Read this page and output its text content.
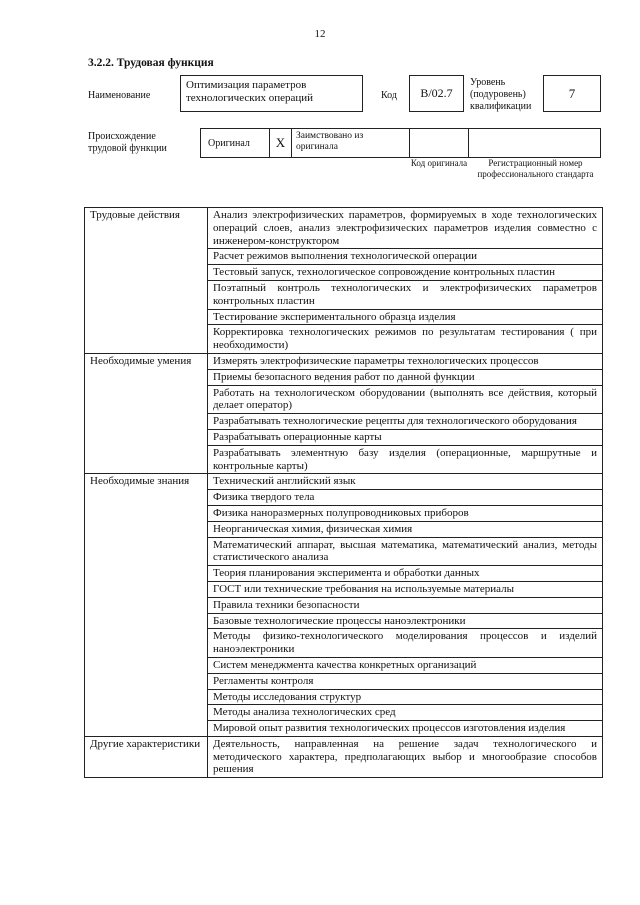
12
3.2.2. Трудовая функция
Наименование
Оптимизация параметров технологических операций	Код	B/02.7
Уровень (подуровень) квалификации
7
Происхождение трудовой функции	Оригинал	X	Заимствовано из оригинала
Код оригинала	Регистрационный номер профессионального стандарта
Трудовые действия	Анализ электрофизических параметров, формируемых в ходе технологических операций слоев, анализ электрофизических параметров изделия совместно с инженером-конструктором
	Расчет режимов выполнения технологической операции
	Тестовый запуск, технологическое сопровождение контрольных пластин
	Поэтапный контроль технологических и электрофизических параметров контрольных пластин
	Тестирование экспериментального образца изделия
	Корректировка технологических режимов по результатам тестирования ( при необходимости)
Необходимые умения	Измерять электрофизические параметры технологических процессов
	Приемы безопасного ведения работ по данной функции
	Работать на технологическом оборудовании (выполнять все действия, который делает оператор)
	Разрабатывать технологические рецепты для технологического оборудования
	Разрабатывать операционные карты
	Разрабатывать элементную базу изделия (операционные, маршрутные и контрольные карты)
Необходимые знания	Технический английский язык
	Физика твердого тела
	Физика наноразмерных полупроводниковых приборов
	Неорганическая химия, физическая химия
	Математический аппарат, высшая математика, математический анализ, методы статистического анализа
	Теория планирования эксперимента и обработки данных
	ГОСТ или технические требования на используемые материалы
	Правила техники безопасности
	Базовые технологические процессы наноэлектроники
	Методы физико-технологического моделирования процессов и изделий наноэлектроники
	Систем менеджмента качества конкретных организаций
	Регламенты контроля
	Методы исследования структур
	Методы анализа технологических сред
	Мировой опыт развития технологических процессов изготовления изделия
Другие характеристики	Деятельность, направленная на решение задач технологического и методического характера, предполагающих выбор и многообразие способов решения
